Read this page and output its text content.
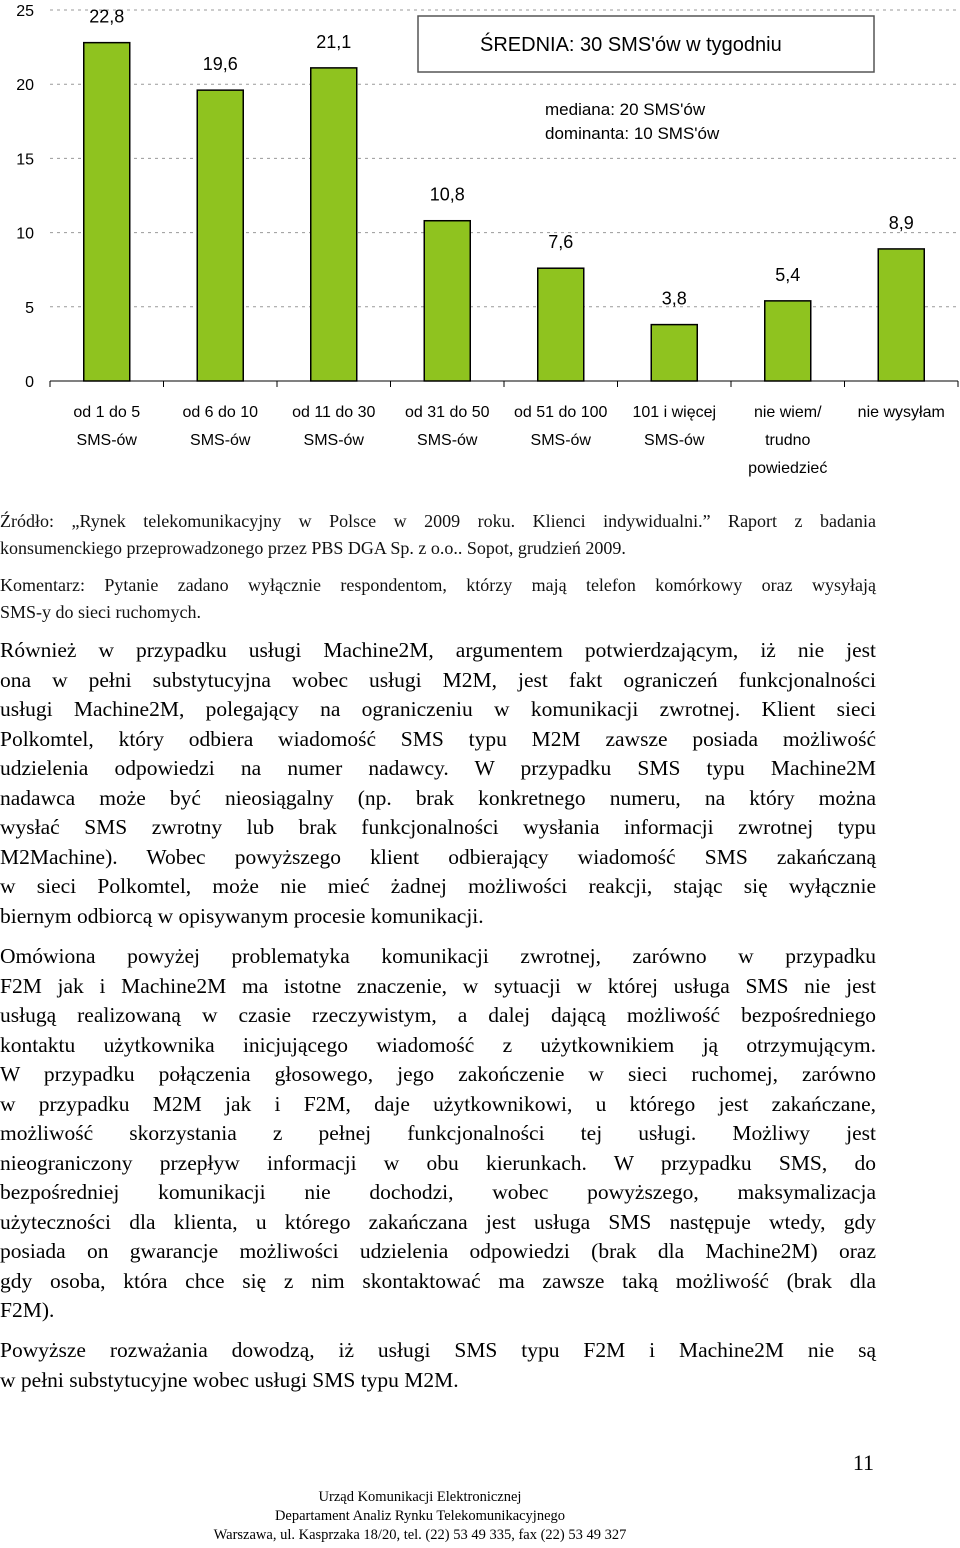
0
5
10
15
20
25	22,8
19,6
21,1
10,8
7,6
3,8
5,4
8,9
od 1 do 5
SMS-ów
od 6 do 10
SMS-ów
od 11 do 30
SMS-ów
od 31 do 50
SMS-ów
od 51 do 100
SMS-ów
101 i więcej
SMS-ów
nie wiem/
trudno
powiedzieć
nie wysyłam
ŚREDNIA: 30 SMS'ów w tygodniu
mediana: 20 SMS'ów
dominanta: 10 SMS'ów
Źródło: „Rynek telekomunikacyjny w Polsce w 2009 roku. Klienci indywidualni.” Raport z badania
konsumenckiego przeprowadzonego przez PBS DGA Sp. z o.o.. Sopot, grudzień 2009.
Komentarz: Pytanie zadano wyłącznie respondentom, którzy mają telefon komórkowy oraz wysyłają
SMS-y do sieci ruchomych.
Również w przypadku usługi Machine2M, argumentem potwierdzającym, iż nie jest
ona w pełni substytucyjna wobec usługi M2M, jest fakt ograniczeń funkcjonalności
usługi Machine2M, polegający na ograniczeniu w komunikacji zwrotnej. Klient sieci
Polkomtel, który odbiera wiadomość SMS typu M2M zawsze posiada możliwość
udzielenia odpowiedzi na numer nadawcy. W przypadku SMS typu Machine2M
nadawca może być nieosiągalny (np. brak konkretnego numeru, na który można
wysłać SMS zwrotny lub brak funkcjonalności wysłania informacji zwrotnej typu
M2Machine). Wobec powyższego klient odbierający wiadomość SMS zakańczaną
w sieci Polkomtel, może nie mieć żadnej możliwości reakcji, stając się wyłącznie
biernym odbiorcą w opisywanym procesie komunikacji.
Omówiona powyżej problematyka komunikacji zwrotnej, zarówno w przypadku
F2M jak i Machine2M ma istotne znaczenie, w sytuacji w której usługa SMS nie jest
usługą realizowaną w czasie rzeczywistym, a dalej dającą możliwość bezpośredniego
kontaktu użytkownika inicjującego wiadomość z użytkownikiem ją otrzymującym.
W przypadku połączenia głosowego, jego zakończenie w sieci ruchomej, zarówno
w przypadku M2M jak i F2M, daje użytkownikowi, u którego jest zakańczane,
możliwość skorzystania z pełnej funkcjonalności tej usługi. Możliwy jest
nieograniczony przepływ informacji w obu kierunkach. W przypadku SMS, do
bezpośredniej komunikacji nie dochodzi, wobec powyższego, maksymalizacja
użyteczności dla klienta, u którego zakańczana jest usługa SMS następuje wtedy, gdy
posiada on gwarancje możliwości udzielenia odpowiedzi (brak dla Machine2M) oraz
gdy osoba, która chce się z nim skontaktować ma zawsze taką możliwość (brak dla
F2M).
Powyższe rozważania dowodzą, iż usługi SMS typu F2M i Machine2M nie są
w pełni substytucyjne wobec usługi SMS typu M2M.
11
Urząd Komunikacji Elektronicznej
Departament Analiz Rynku Telekomunikacyjnego
Warszawa, ul. Kasprzaka 18/20, tel. (22) 53 49 335, fax (22) 53 49 327
